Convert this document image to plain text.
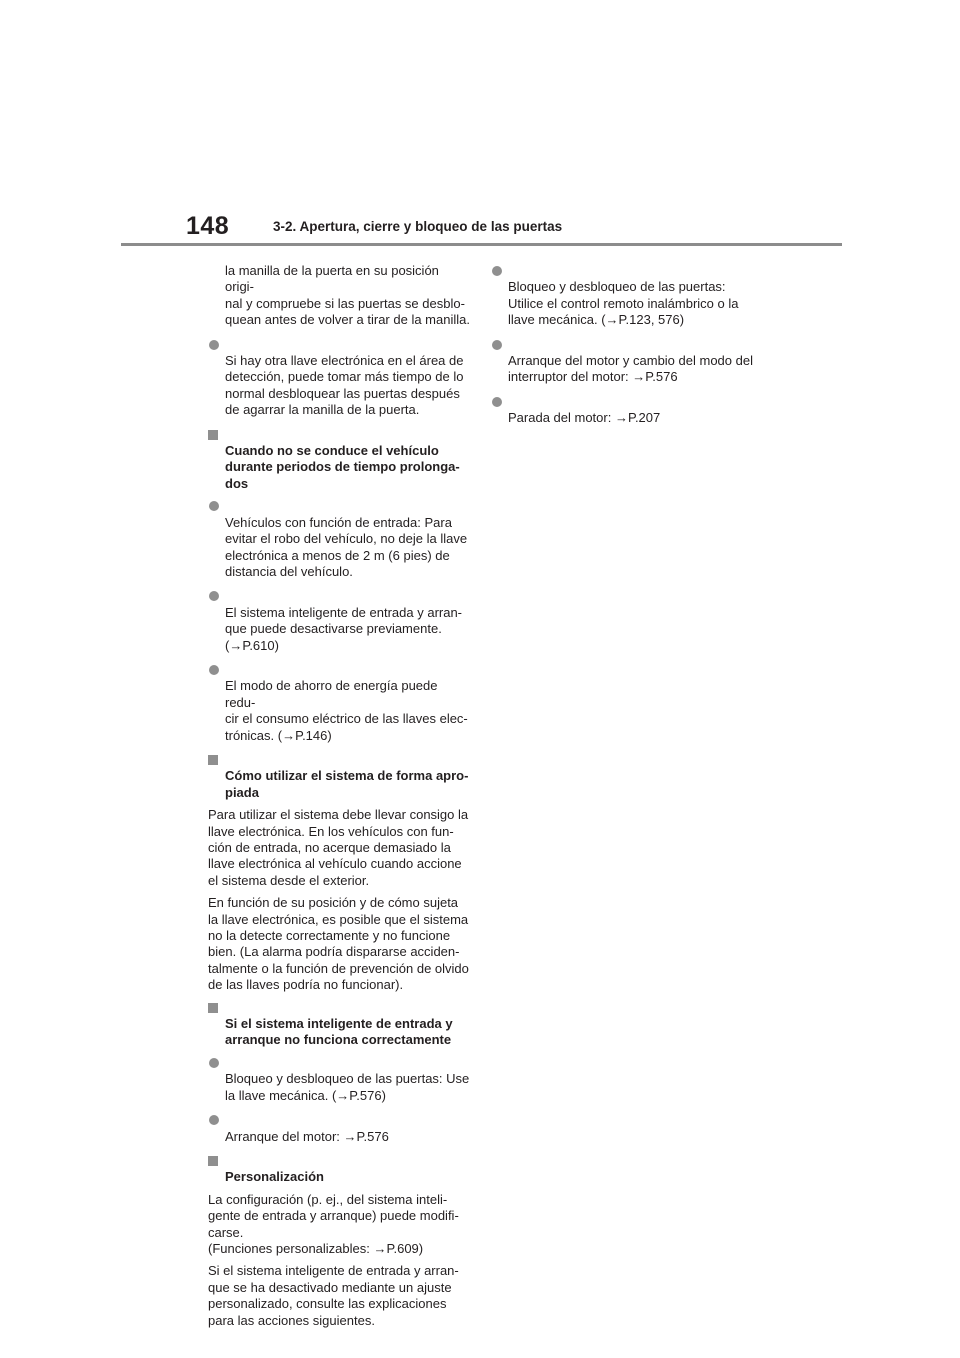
148	3-2. Apertura, cierre y bloqueo de las puertas
la manilla de la puerta en su posición origi-
nal y compruebe si las puertas se desblo-
quean antes de volver a tirar de la manilla.

Si hay otra llave electrónica en el área de
detección, puede tomar más tiempo de lo
normal desbloquear las puertas después
de agarrar la manilla de la puerta.

Cuando no se conduce el vehículo
durante periodos de tiempo prolonga-
dos

Vehículos con función de entrada: Para
evitar el robo del vehículo, no deje la llave
electrónica a menos de 2 m (6 pies) de
distancia del vehículo.

El sistema inteligente de entrada y arran-
que puede desactivarse previamente.
(→P.610)

El modo de ahorro de energía puede redu-
cir el consumo eléctrico de las llaves elec-
trónicas. (→P.146)

Cómo utilizar el sistema de forma apro-
piada

Para utilizar el sistema debe llevar consigo la
llave electrónica. En los vehículos con fun-
ción de entrada, no acerque demasiado la
llave electrónica al vehículo cuando accione
el sistema desde el exterior.
En función de su posición y de cómo sujeta
la llave electrónica, es posible que el sistema
no la detecte correctamente y no funcione
bien. (La alarma podría dispararse acciden-
talmente o la función de prevención de olvido
de las llaves podría no funcionar).

Si el sistema inteligente de entrada y
arranque no funciona correctamente

Bloqueo y desbloqueo de las puertas: Use
la llave mecánica. (→P.576)

Arranque del motor: →P.576

Personalización

La configuración (p. ej., del sistema inteli-
gente de entrada y arranque) puede modifi-
carse.
(Funciones personalizables: →P.609)
Si el sistema inteligente de entrada y arran-
que se ha desactivado mediante un ajuste
personalizado, consulte las explicaciones
para las acciones siguientes.

Bloqueo y desbloqueo de las puertas:
Utilice el control remoto inalámbrico o la
llave mecánica. (→P.123, 576)

Arranque del motor y cambio del modo del
interruptor del motor: →P.576

Parada del motor: →P.207
